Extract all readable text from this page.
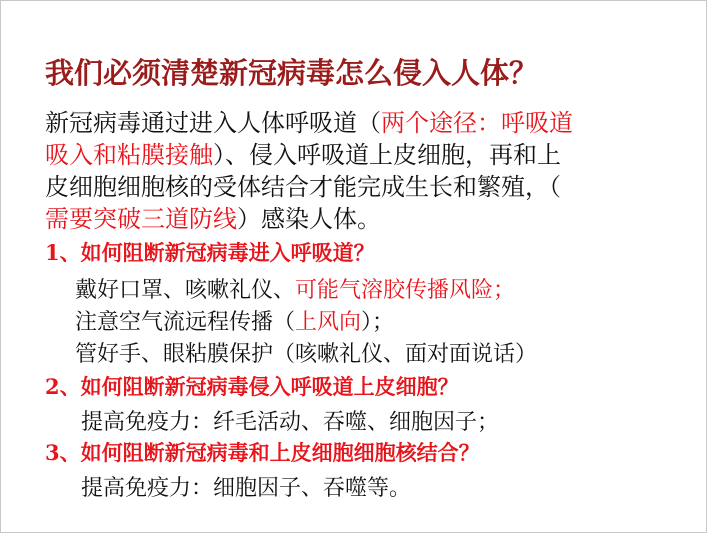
我们必须清楚新冠病毒怎么侵入人体？
新冠病毒通过进入人体呼吸道（两个途径：呼吸道
吸入和粘膜接触）、侵入呼吸道上皮细胞，再和上
皮细胞细胞核的受体结合才能完成生长和繁殖，（
需要突破三道防线）感染人体。
1、如何阻断新冠病毒进入呼吸道？
戴好口罩、咳嗽礼仪、可能气溶胶传播风险；
注意空气流远程传播（上风向）；
管好手、眼粘膜保护（咳嗽礼仪、面对面说话）
2、如何阻断新冠病毒侵入呼吸道上皮细胞？
提高免疫力：纤毛活动、吞噬、细胞因子；
3、如何阻断新冠病毒和上皮细胞细胞核结合？
提高免疫力：细胞因子、吞噬等。
